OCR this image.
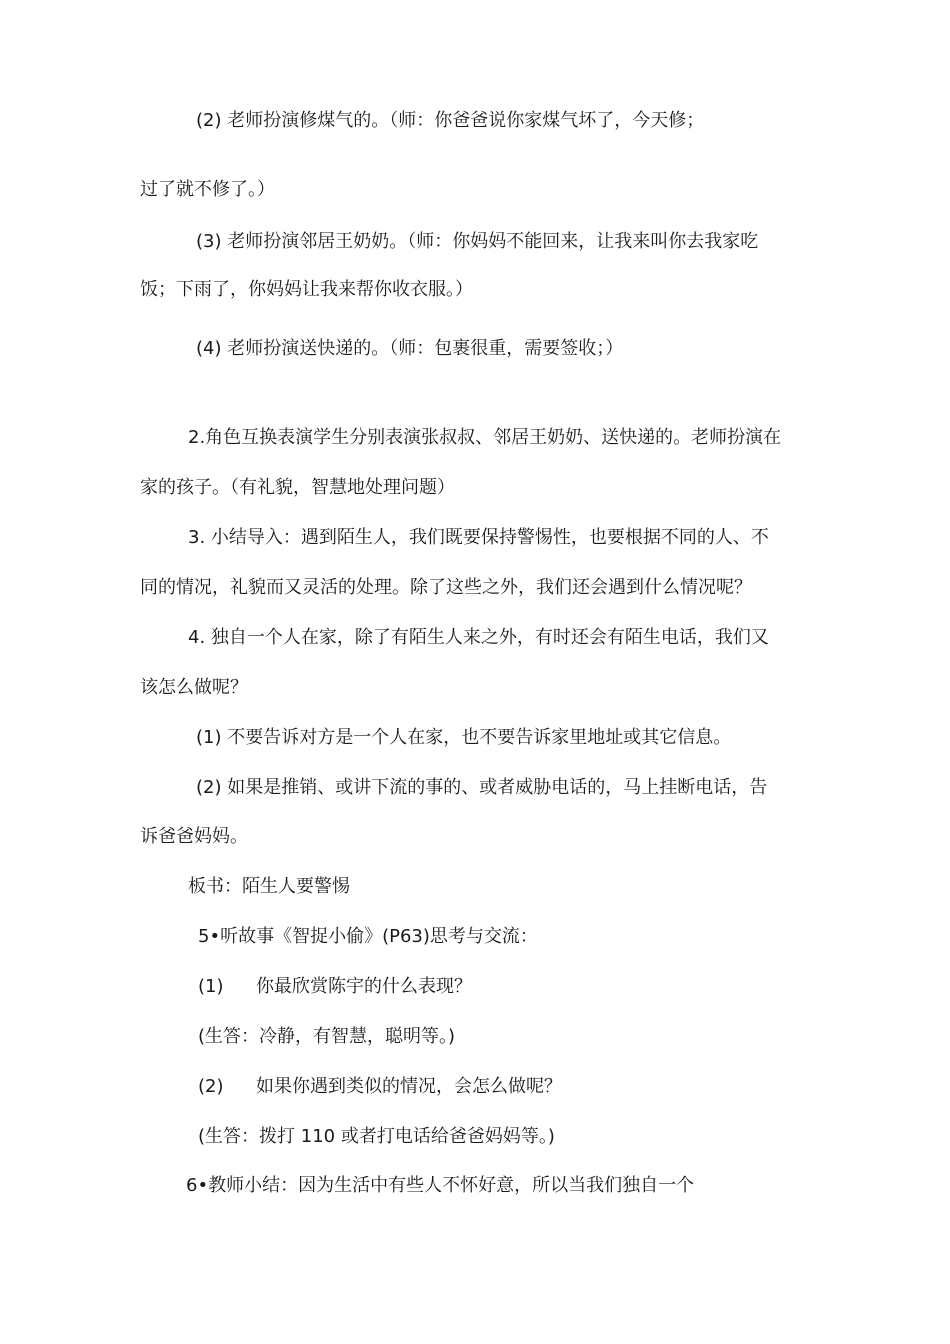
(2) 老师扮演修煤气的。（师：你爸爸说你家煤气坏了，今天修；
过了就不修了。）
(3) 老师扮演邻居王奶奶。（师：你妈妈不能回来，让我来叫你去我家吃
饭；下雨了，你妈妈让我来帮你收衣服。）
(4) 老师扮演送快递的。（师：包裹很重，需要签收；）
2.角色互换表演学生分别表演张叔叔、邻居王奶奶、送快递的。老师扮演在
家的孩子。（有礼貌，智慧地处理问题）
3. 小结导入：遇到陌生人，我们既要保持警惕性，也要根据不同的人、不
同的情况，礼貌而又灵活的处理。除了这些之外，我们还会遇到什么情况呢？
4. 独自一个人在家，除了有陌生人来之外，有时还会有陌生电话，我们又
该怎么做呢？
(1) 不要告诉对方是一个人在家，也不要告诉家里地址或其它信息。
(2) 如果是推销、或讲下流的事的、或者威胁电话的，马上挂断电话，告
诉爸爸妈妈。
板书：陌生人要警惕
5•听故事《智捉小偷》(P63)思考与交流：
(1) 你最欣赏陈宇的什么表现？
(生答：冷静，有智慧，聪明等。)
(2) 如果你遇到类似的情况，会怎么做呢？
(生答：拨打 110 或者打电话给爸爸妈妈等。)
6•教师小结：因为生活中有些人不怀好意，所以当我们独自一个
